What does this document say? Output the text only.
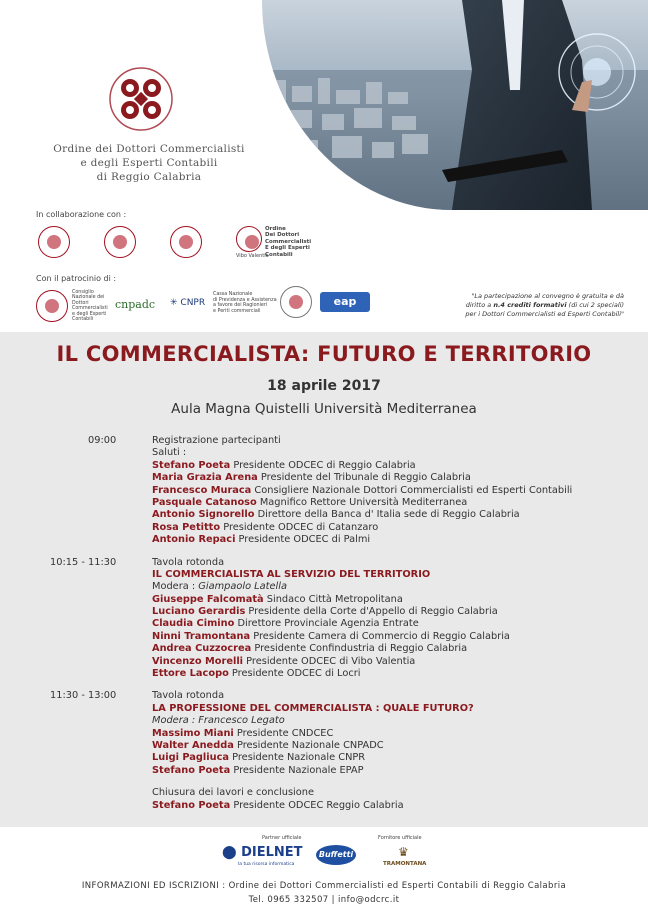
Ordine dei Dottori Commercialisti
e degli Esperti Contabili
di Reggio Calabria
In collaborazione con :
Vibo Valentia
Ordine
Dei Dottori
Commercialisti
E degli Esperti
Contabili
Con il patrocinio di :
Consiglio
Nazionale dei
Dottori
Commercialisti
e degli Esperti
Contabili
cnpadc ✳ CNPR
Cassa Nazionale
di Previdenza e Assistenza
a favore dei Ragionieri
e Periti commerciali
eap	"La partecipazione al convegno è gratuita e dà
diritto a n.4 crediti formativi (di cui 2 speciali)
per i Dottori Commercialisti ed Esperti Contabili"
IL COMMERCIALISTA: FUTURO E TERRITORIO
18 aprile 2017
Aula Magna Quistelli Università Mediterranea
09:00	Registrazione partecipanti
Saluti :
Stefano Poeta Presidente ODCEC di Reggio Calabria
Maria Grazia Arena Presidente del Tribunale di Reggio Calabria
Francesco Muraca Consigliere Nazionale Dottori Commercialisti ed Esperti Contabili
Pasquale Catanoso Magnifico Rettore Università Mediterranea
Antonio Signorello Direttore della Banca d' Italia sede di Reggio Calabria
Rosa Petitto Presidente ODCEC di Catanzaro
Antonio Repaci Presidente ODCEC di Palmi
10:15 - 11:30	Tavola rotonda
IL COMMERCIALISTA AL SERVIZIO DEL TERRITORIO
Modera : Giampaolo Latella
Giuseppe Falcomatà Sindaco Città Metropolitana
Luciano Gerardis Presidente della Corte d'Appello di Reggio Calabria
Claudia Cimino Direttore Provinciale Agenzia Entrate
Ninni Tramontana Presidente Camera di Commercio di Reggio Calabria
Andrea Cuzzocrea Presidente Confindustria di Reggio Calabria
Vincenzo Morelli Presidente ODCEC di Vibo Valentia
Ettore Lacopo Presidente ODCEC di Locri
11:30 - 13:00	Tavola rotonda
LA PROFESSIONE DEL COMMERCIALISTA : QUALE FUTURO?
Modera : Francesco Legato
Massimo Miani Presidente CNDCEC
Walter Anedda Presidente Nazionale CNPADC
Luigi Pagliuca Presidente Nazionale CNPR
Stefano Poeta Presidente Nazionale EPAP
Chiusura dei lavori e conclusione
Stefano Poeta Presidente ODCEC Reggio Calabria
Partner ufficiale	Fornitore ufficiale
⬤ DIELNET
la tua risorsa informatica
Buffetti
TRAMONTANA
♛
INFORMAZIONI ED ISCRIZIONI : Ordine dei Dottori Commercialisti ed Esperti Contabili di Reggio Calabria
Tel. 0965 332507 | info@odcrc.it
